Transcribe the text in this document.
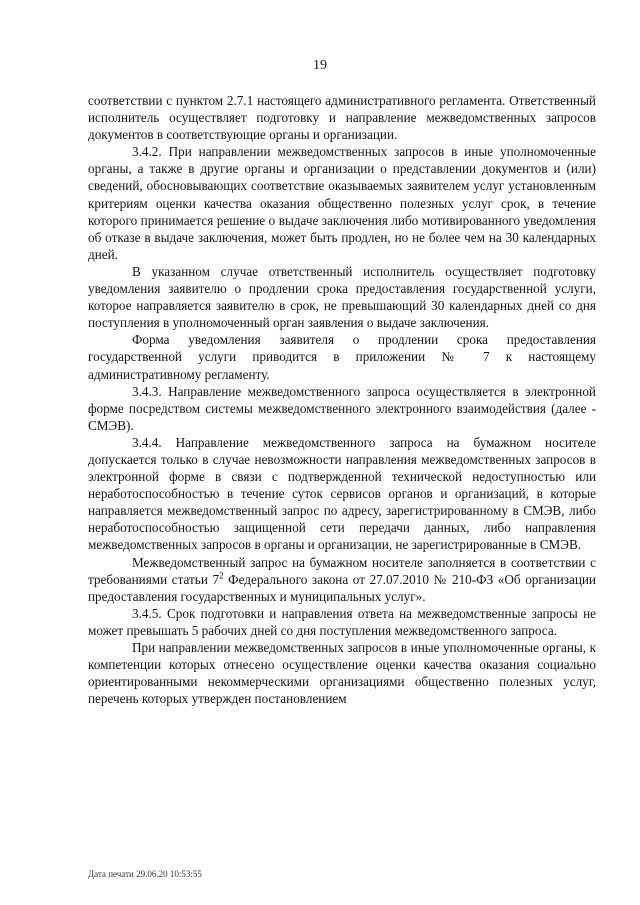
19

соответствии с пунктом 2.7.1 настоящего административного регламента. Ответственный исполнитель осуществляет подготовку и направление межведомственных запросов документов в соответствующие органы и организации.

3.4.2. При направлении межведомственных запросов в иные уполномоченные органы, а также в другие органы и организации о представлении документов и (или) сведений, обосновывающих соответствие оказываемых заявителем услуг установленным критериям оценки качества оказания общественно полезных услуг срок, в течение которого принимается решение о выдаче заключения либо мотивированного уведомления об отказе в выдаче заключения, может быть продлен, но не более чем на 30 календарных дней.

В указанном случае ответственный исполнитель осуществляет подготовку уведомления заявителю о продлении срока предоставления государственной услуги, которое направляется заявителю в срок, не превышающий 30 календарных дней со дня поступления в уполномоченный орган заявления о выдаче заключения.

Форма уведомления заявителя о продлении срока предоставления государственной услуги приводится в приложении № 7 к настоящему административному регламенту.

3.4.3. Направление межведомственного запроса осуществляется в электронной форме посредством системы межведомственного электронного взаимодействия (далее - СМЭВ).

3.4.4. Направление межведомственного запроса на бумажном носителе допускается только в случае невозможности направления межведомственных запросов в электронной форме в связи с подтвержденной технической недоступностью или неработоспособностью в течение суток сервисов органов и организаций, в которые направляется межведомственный запрос по адресу, зарегистрированному в СМЭВ, либо неработоспособностью защищенной сети передачи данных, либо направления межведомственных запросов в органы и организации, не зарегистрированные в СМЭВ.

Межведомственный запрос на бумажном носителе заполняется в соответствии с требованиями статьи $7^2$ Федерального закона от 27.07.2010 № 210-ФЗ «Об организации предоставления государственных и муниципальных услуг».

3.4.5. Срок подготовки и направления ответа на межведомственные запросы не может превышать 5 рабочих дней со дня поступления межведомственного запроса.

При направлении межведомственных запросов в иные уполномоченные органы, к компетенции которых отнесено осуществление оценки качества оказания социально ориентированными некоммерческими организациями общественно полезных услуг, перечень которых утвержден постановлением

Дата печати 29.06.20 10:53:55
